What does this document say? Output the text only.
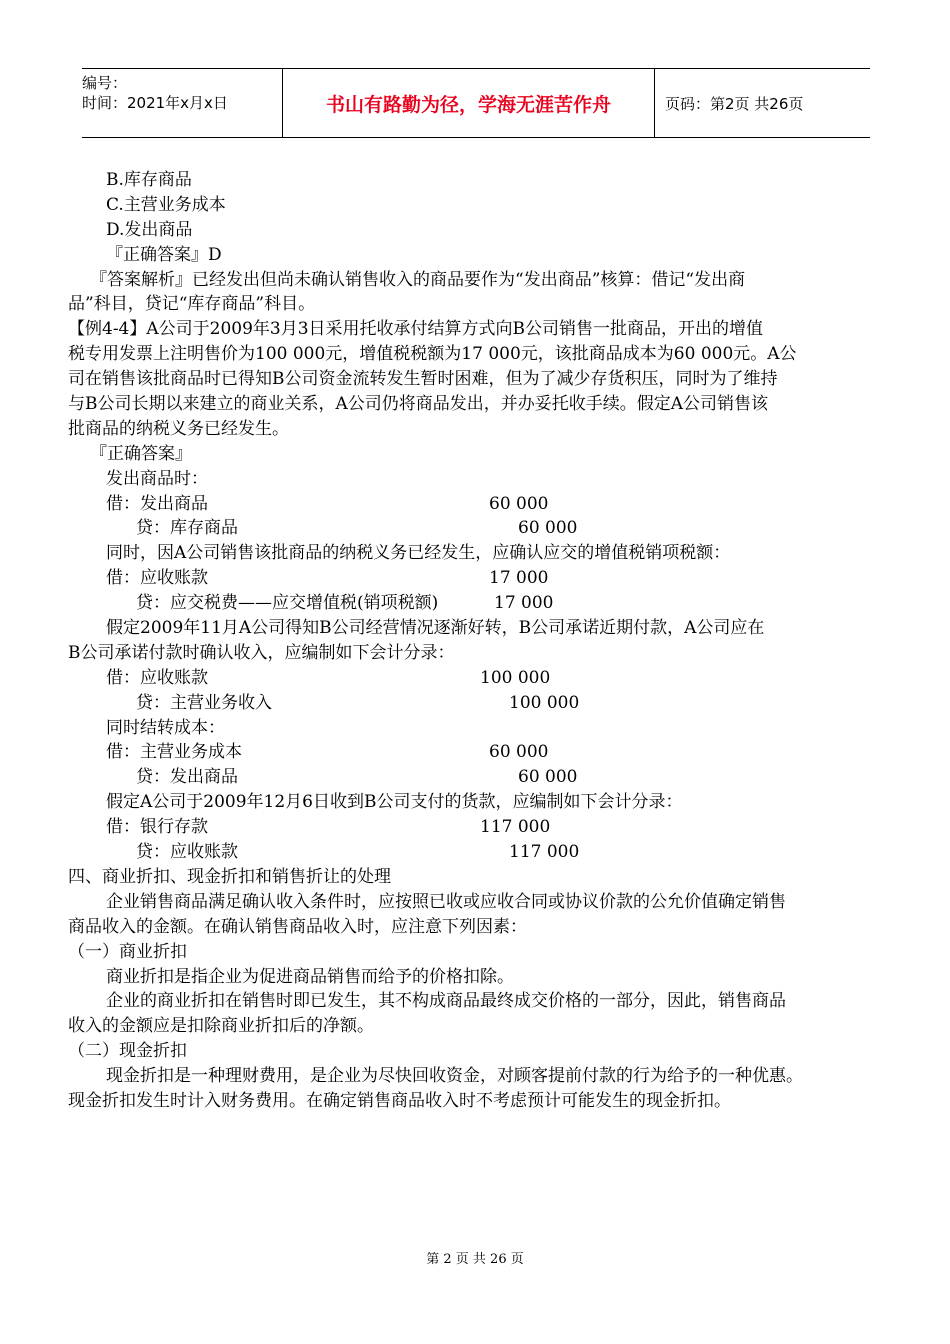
编号：
时间：2021年x月x日	书山有路勤为径，学海无涯苦作舟	页码：第2页 共26页
B.库存商品
C.主营业务成本
D.发出商品
『正确答案』D
『答案解析』已经发出但尚未确认销售收入的商品要作为“发出商品”核算：借记“发出商
品”科目，贷记“库存商品”科目。
【例4-4】A公司于2009年3月3日采用托收承付结算方式向B公司销售一批商品，开出的增值
税专用发票上注明售价为100 000元，增值税税额为17 000元，该批商品成本为60 000元。A公
司在销售该批商品时已得知B公司资金流转发生暂时困难，但为了减少存货积压，同时为了维持
与B公司长期以来建立的商业关系，A公司仍将商品发出，并办妥托收手续。假定A公司销售该
批商品的纳税义务已经发生。
『正确答案』
发出商品时：
借：发出商品	60 000
贷：库存商品	60 000
同时，因A公司销售该批商品的纳税义务已经发生，应确认应交的增值税销项税额：
借：应收账款	17 000
贷：应交税费——应交增值税(销项税额)	17 000
假定2009年11月A公司得知B公司经营情况逐渐好转，B公司承诺近期付款，A公司应在
B公司承诺付款时确认收入，应编制如下会计分录：
借：应收账款	100 000
贷：主营业务收入	100 000
同时结转成本：
借：主营业务成本	60 000
贷：发出商品	60 000
假定A公司于2009年12月6日收到B公司支付的货款，应编制如下会计分录：
借：银行存款	117 000
贷：应收账款	117 000
四、商业折扣、现金折扣和销售折让的处理
企业销售商品满足确认收入条件时，应按照已收或应收合同或协议价款的公允价值确定销售
商品收入的金额。在确认销售商品收入时，应注意下列因素：
（一）商业折扣
商业折扣是指企业为促进商品销售而给予的价格扣除。
企业的商业折扣在销售时即已发生，其不构成商品最终成交价格的一部分，因此，销售商品
收入的金额应是扣除商业折扣后的净额。
（二）现金折扣
现金折扣是一种理财费用，是企业为尽快回收资金，对顾客提前付款的行为给予的一种优惠。
现金折扣发生时计入财务费用。在确定销售商品收入时不考虑预计可能发生的现金折扣。
第 2 页 共 26 页
